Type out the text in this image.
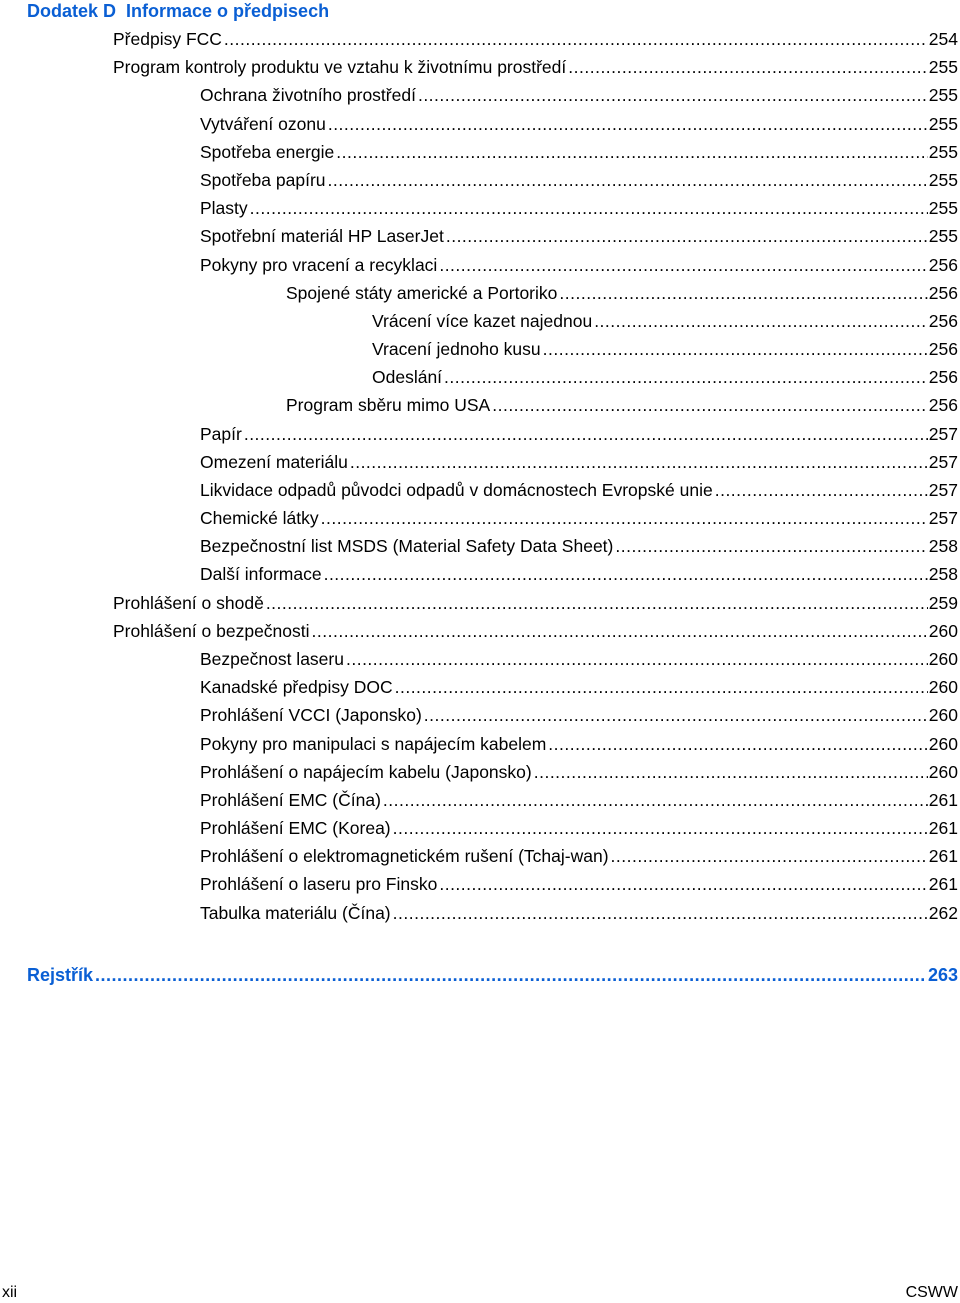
Dodatek D Informace o předpisech
Předpisy FCC .....	254
Program kontroly produktu ve vztahu k životnímu prostředí .....	255
Ochrana životního prostředí .....	255
Vytváření ozonu .....	255
Spotřeba energie .....	255
Spotřeba papíru .....	255
Plasty .....	255
Spotřební materiál HP LaserJet .....	255
Pokyny pro vracení a recyklaci .....	256
Spojené státy americké a Portoriko .....	256
Vrácení více kazet najednou .....	256
Vracení jednoho kusu .....	256
Odeslání .....	256
Program sběru mimo USA .....	256
Papír .....	257
Omezení materiálu .....	257
Likvidace odpadů původci odpadů v domácnostech Evropské unie .....	257
Chemické látky .....	257
Bezpečnostní list MSDS (Material Safety Data Sheet) .....	258
Další informace .....	258
Prohlášení o shodě .....	259
Prohlášení o bezpečnosti .....	260
Bezpečnost laseru .....	260
Kanadské předpisy DOC .....	260
Prohlášení VCCI (Japonsko) .....	260
Pokyny pro manipulaci s napájecím kabelem .....	260
Prohlášení o napájecím kabelu (Japonsko) .....	260
Prohlášení EMC (Čína) .....	261
Prohlášení EMC (Korea) .....	261
Prohlášení o elektromagnetickém rušení (Tchaj-wan) .....	261
Prohlášení o laseru pro Finsko .....	261
Tabulka materiálu (Čína) .....	262
Rejstřík .....	263
xii	CSWW
